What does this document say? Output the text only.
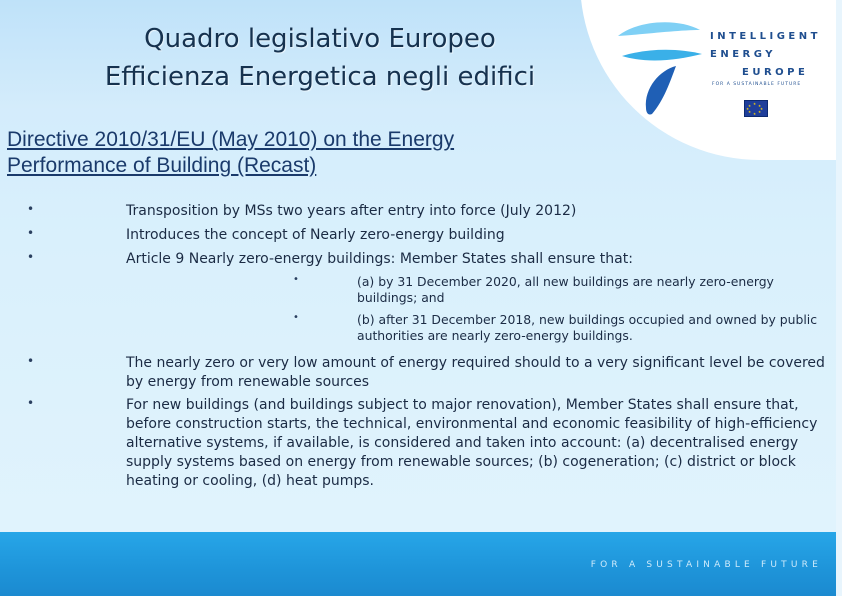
Quadro legislativo Europeo
Efficienza Energetica negli edifici
INTELLIGENT
ENERGY
EUROPE
FOR A SUSTAINABLE FUTURE
★
★ ★
★	★
★ ★
★
Directive 2010/31/EU (May 2010) on the Energy
Performance of Building (Recast)
•	Transposition by MSs two years after entry into force (July 2012)
•	Introduces the concept of Nearly zero-energy building
•	Article 9 Nearly zero-energy buildings: Member States shall ensure that:
•	(a) by 31 December 2020, all new buildings are nearly zero-energy buildings; and
•	(b) after 31 December 2018, new buildings occupied and owned by public authorities are nearly zero-energy buildings.
•	The nearly zero or very low amount of energy required should to a very significant level be covered by energy from renewable sources
•	For new buildings (and buildings subject to major renovation), Member States shall ensure that, before construction starts, the technical, environmental and economic feasibility of high-efficiency alternative systems, if available, is considered and taken into account: (a) decentralised energy supply systems based on energy from renewable sources; (b) cogeneration; (c) district or block heating or cooling, (d) heat pumps.
FOR A SUSTAINABLE FUTURE
